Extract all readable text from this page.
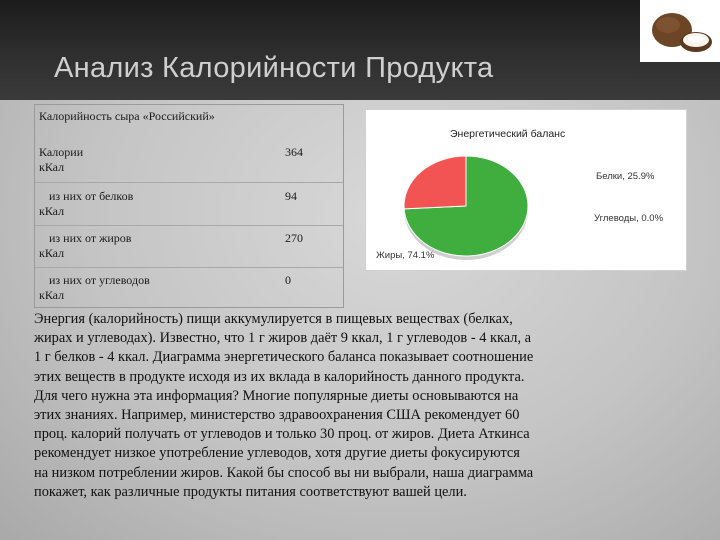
Анализ Калорийности Продукта
Калорийность сыра «Российский»
Калории
кКал
364
из них от белков
кКал
94
из них от жиров
кКал
270
из них от углеводов
кКал
0
Энергетический баланс
Жиры, 74.1%
Белки, 25.9%
Углеводы, 0.0%
Энергия (калорийность) пищи аккумулируется в пищевых веществах (белках,
жирах и углеводах). Известно, что 1 г жиров даёт 9 ккал, 1 г углеводов - 4 ккал, а
1 г белков - 4 ккал. Диаграмма энергетического баланса показывает соотношение
этих веществ в продукте исходя из их вклада в калорийность данного продукта.
Для чего нужна эта информация? Многие популярные диеты основываются на
этих знаниях. Например, министерство здравоохранения США рекомендует 60
проц. калорий получать от углеводов и только 30 проц. от жиров. Диета Аткинса
рекомендует низкое употребление углеводов, хотя другие диеты фокусируются
на низком потреблении жиров. Какой бы способ вы ни выбрали, наша диаграмма
покажет, как различные продукты питания соответствуют вашей цели.
